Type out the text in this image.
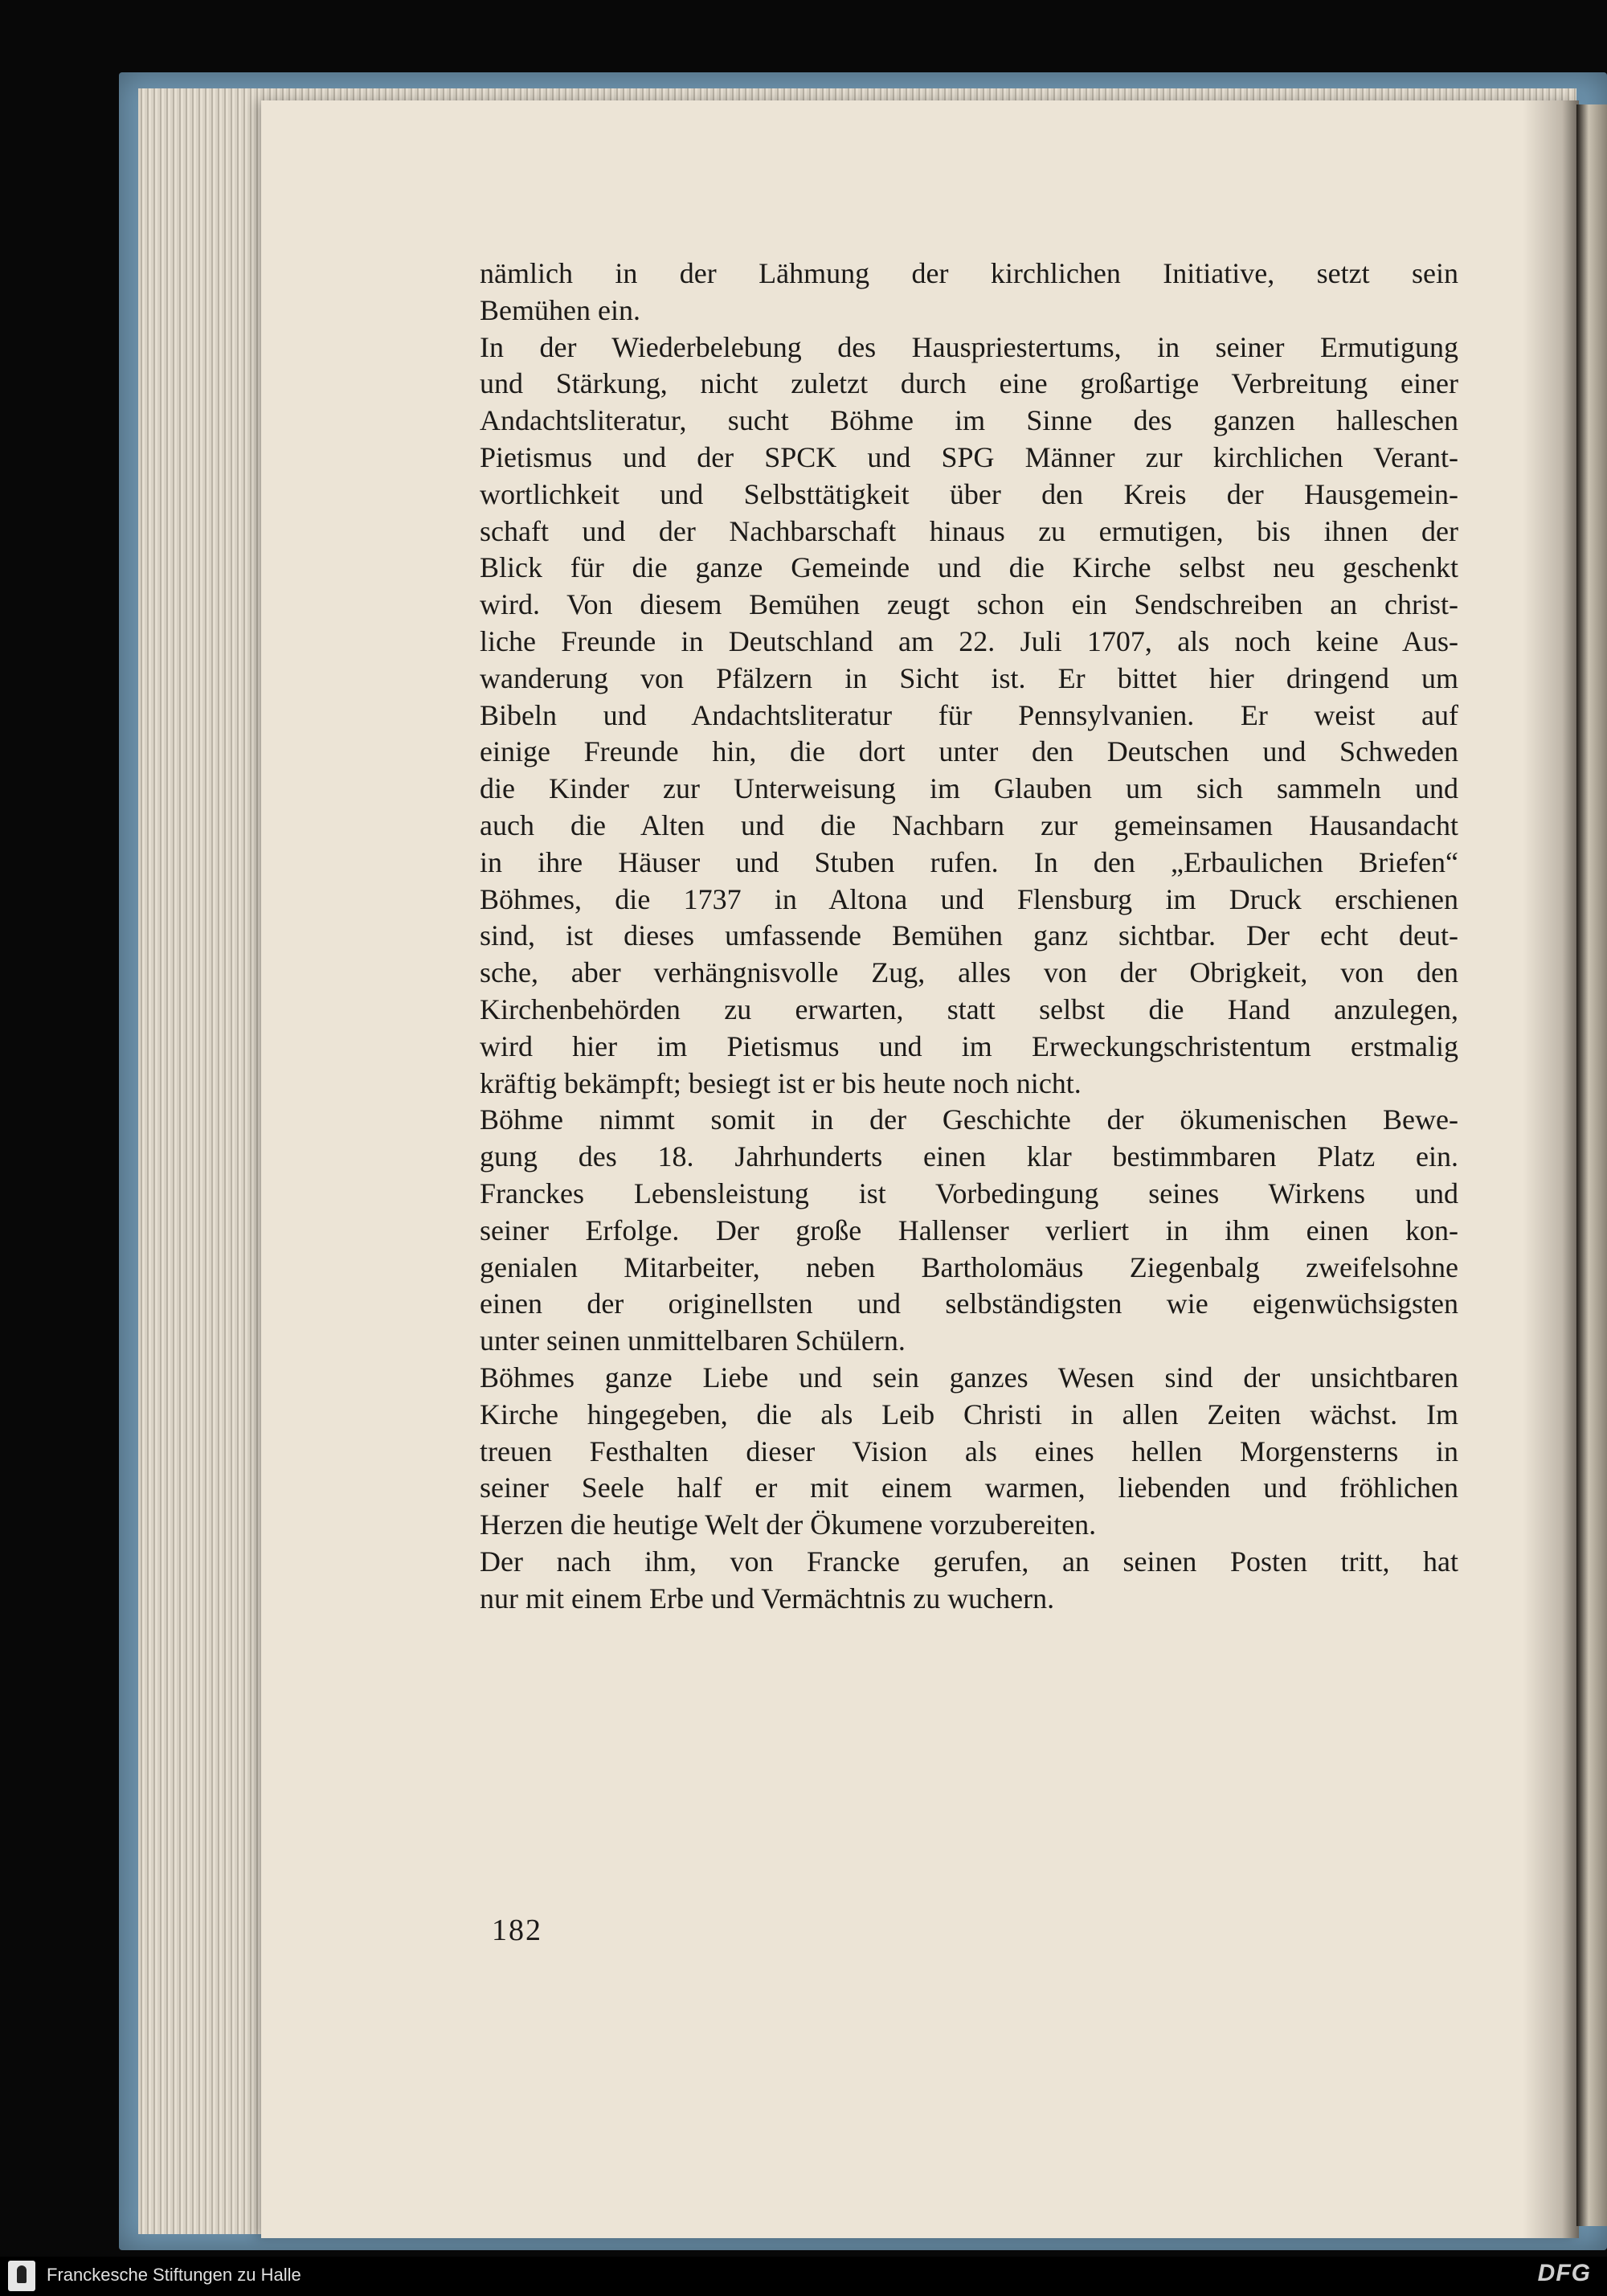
nämlich in der Lähmung der kirchlichen Initiative, setzt sein
Bemühen ein.
In der Wiederbelebung des Hauspriestertums, in seiner Ermutigung
und Stärkung, nicht zuletzt durch eine großartige Verbreitung einer
Andachtsliteratur, sucht Böhme im Sinne des ganzen halleschen
Pietismus und der SPCK und SPG Männer zur kirchlichen Verant-
wortlichkeit und Selbsttätigkeit über den Kreis der Hausgemein-
schaft und der Nachbarschaft hinaus zu ermutigen, bis ihnen der
Blick für die ganze Gemeinde und die Kirche selbst neu geschenkt
wird. Von diesem Bemühen zeugt schon ein Sendschreiben an christ-
liche Freunde in Deutschland am 22. Juli 1707, als noch keine Aus-
wanderung von Pfälzern in Sicht ist. Er bittet hier dringend um
Bibeln und Andachtsliteratur für Pennsylvanien. Er weist auf
einige Freunde hin, die dort unter den Deutschen und Schweden
die Kinder zur Unterweisung im Glauben um sich sammeln und
auch die Alten und die Nachbarn zur gemeinsamen Hausandacht
in ihre Häuser und Stuben rufen. In den „Erbaulichen Briefen“
Böhmes, die 1737 in Altona und Flensburg im Druck erschienen
sind, ist dieses umfassende Bemühen ganz sichtbar. Der echt deut-
sche, aber verhängnisvolle Zug, alles von der Obrigkeit, von den
Kirchenbehörden zu erwarten, statt selbst die Hand anzulegen,
wird hier im Pietismus und im Erweckungschristentum erstmalig
kräftig bekämpft; besiegt ist er bis heute noch nicht.
Böhme nimmt somit in der Geschichte der ökumenischen Bewe-
gung des 18. Jahrhunderts einen klar bestimmbaren Platz ein.
Franckes Lebensleistung ist Vorbedingung seines Wirkens und
seiner Erfolge. Der große Hallenser verliert in ihm einen kon-
genialen Mitarbeiter, neben Bartholomäus Ziegenbalg zweifelsohne
einen der originellsten und selbständigsten wie eigenwüchsigsten
unter seinen unmittelbaren Schülern.
Böhmes ganze Liebe und sein ganzes Wesen sind der unsichtbaren
Kirche hingegeben, die als Leib Christi in allen Zeiten wächst. Im
treuen Festhalten dieser Vision als eines hellen Morgensterns in
seiner Seele half er mit einem warmen, liebenden und fröhlichen
Herzen die heutige Welt der Ökumene vorzubereiten.
Der nach ihm, von Francke gerufen, an seinen Posten tritt, hat
nur mit einem Erbe und Vermächtnis zu wuchern.
182
Franckesche Stiftungen zu Halle	DFG
